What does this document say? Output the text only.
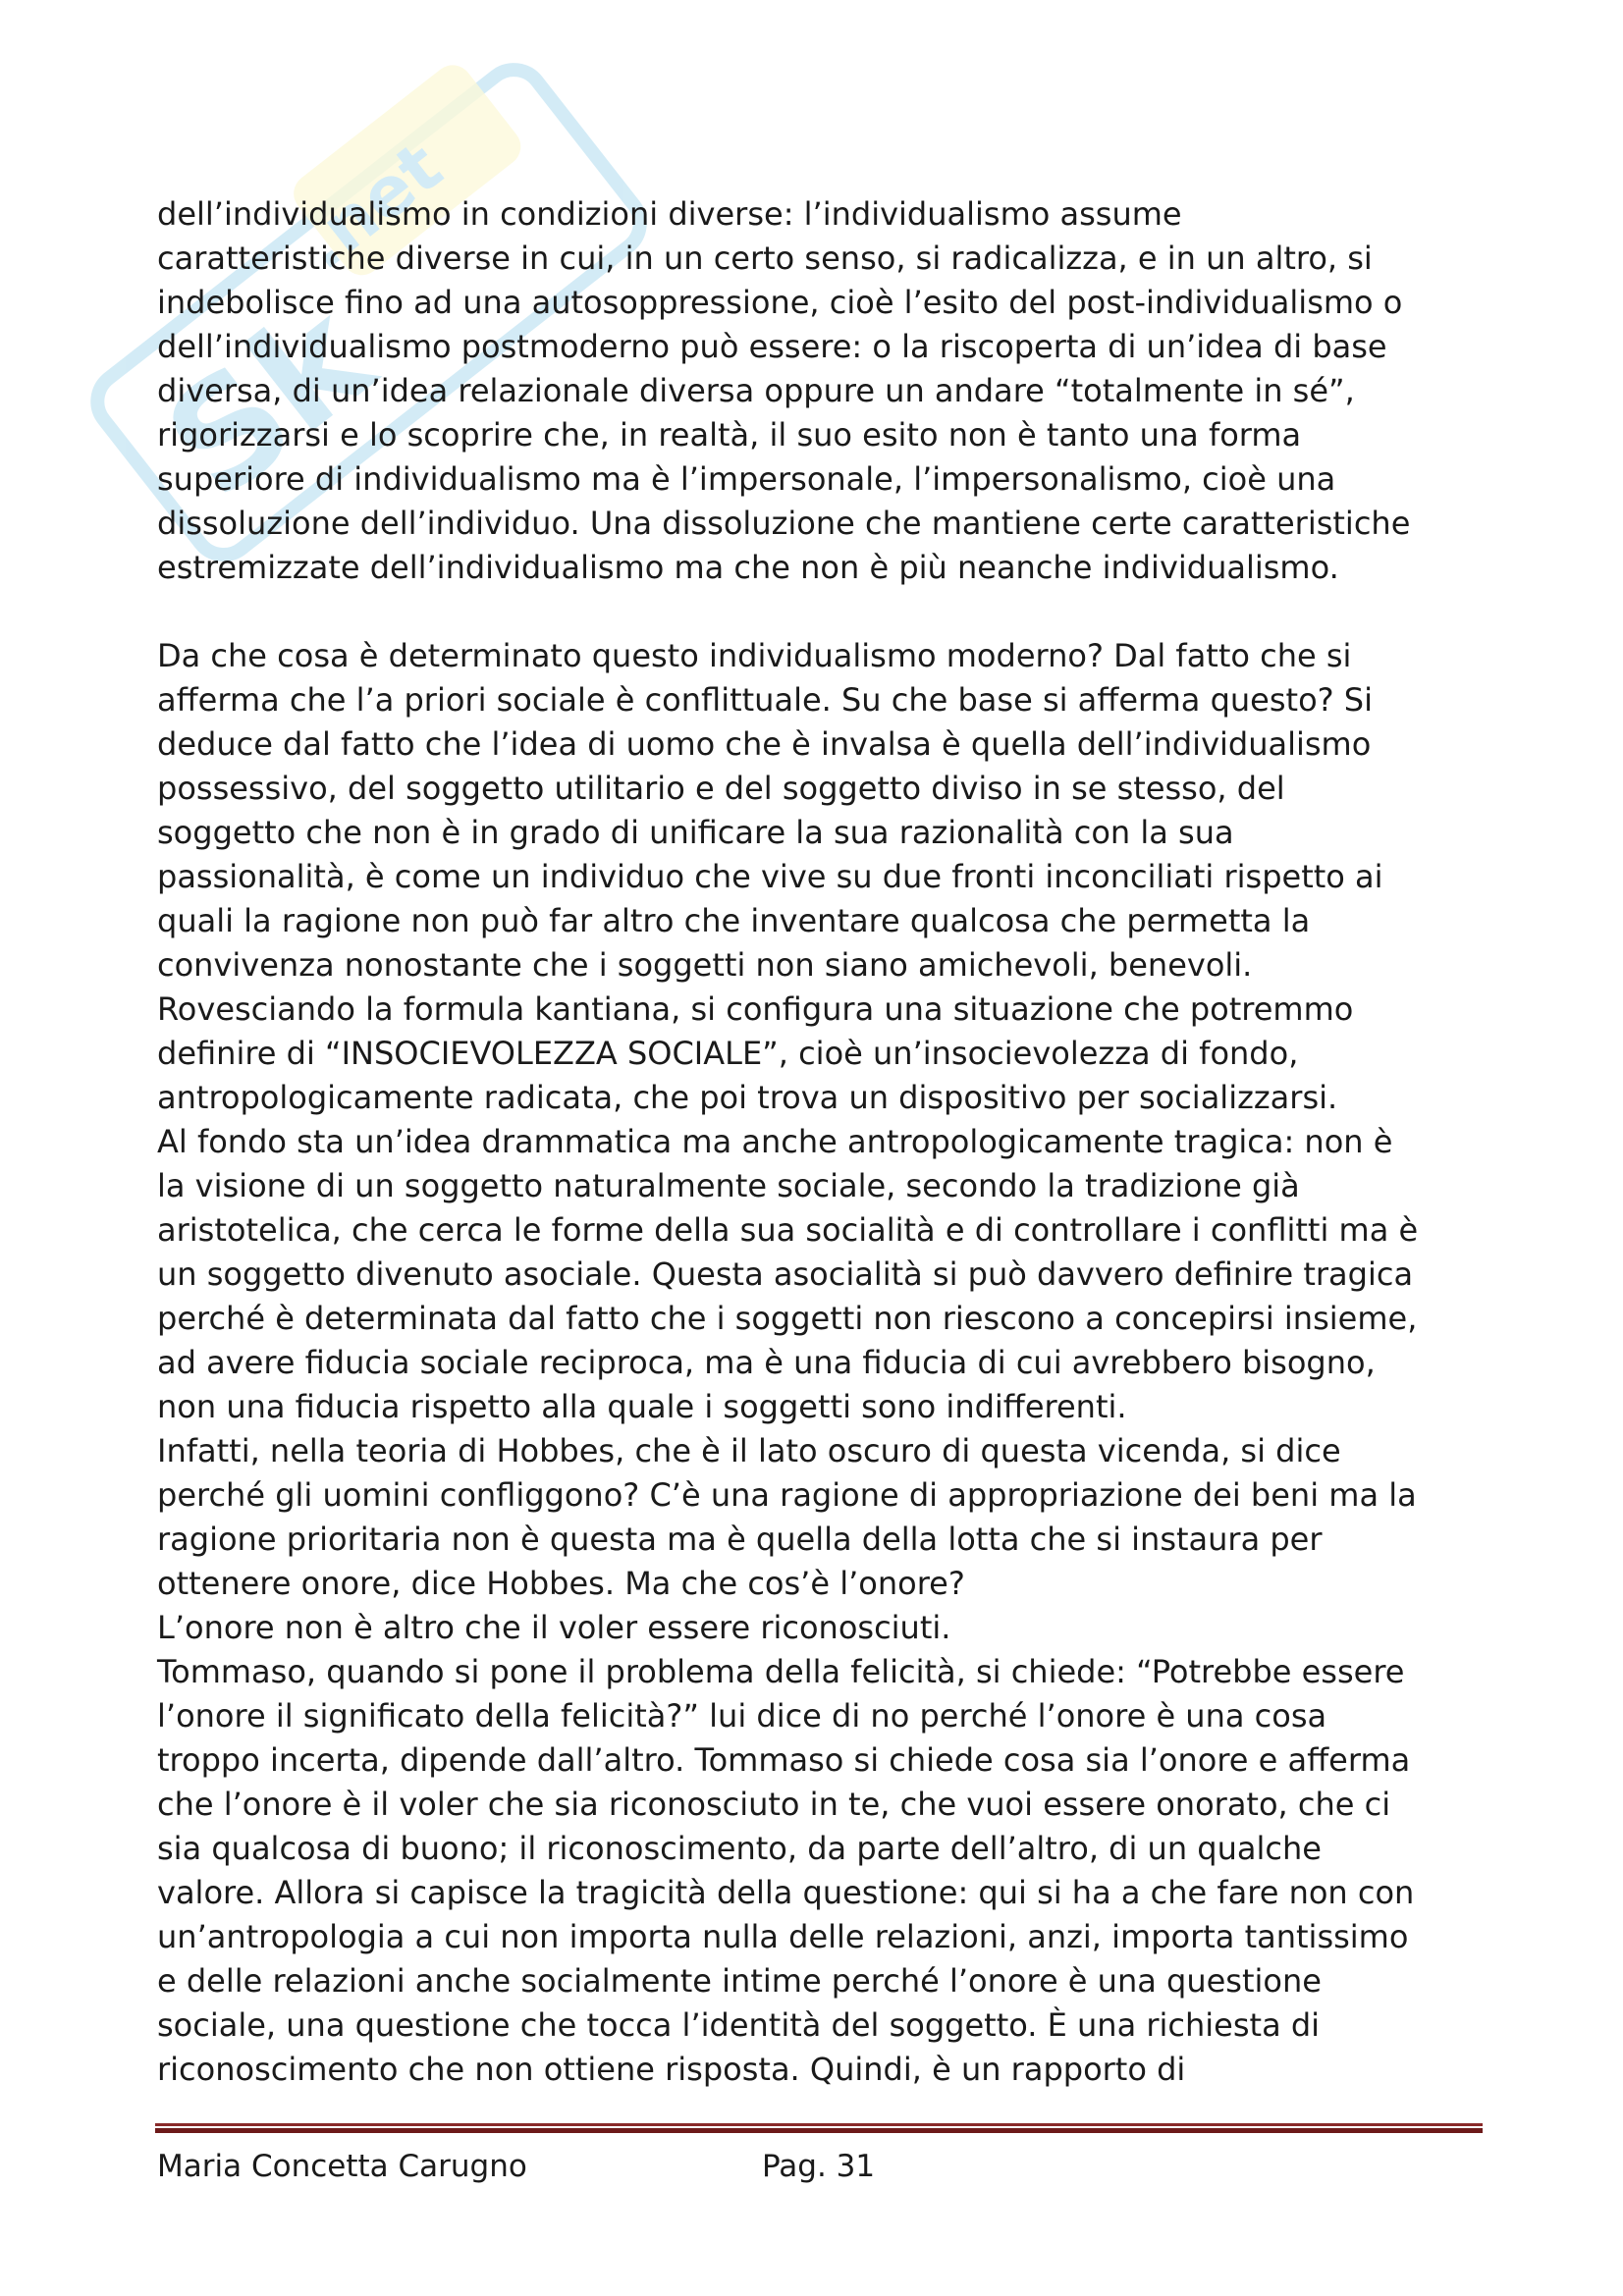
Sk
.net

dell’individualismo in condizioni diverse: l’individualismo assume
caratteristiche diverse in cui, in un certo senso, si radicalizza, e in un altro, si
indebolisce fino ad una autosoppressione, cioè l’esito del post-individualismo o
dell’individualismo postmoderno può essere: o la riscoperta di un’idea di base
diversa, di un’idea relazionale diversa oppure un andare “totalmente in sé”,
rigorizzarsi e lo scoprire che, in realtà, il suo esito non è tanto una forma
superiore di individualismo ma è l’impersonale, l’impersonalismo, cioè una
dissoluzione dell’individuo. Una dissoluzione che mantiene certe caratteristiche
estremizzate dell’individualismo ma che non è più neanche individualismo.

Da che cosa è determinato questo individualismo moderno? Dal fatto che si
afferma che l’a priori sociale è conflittuale. Su che base si afferma questo? Si
deduce dal fatto che l’idea di uomo che è invalsa è quella dell’individualismo
possessivo, del soggetto utilitario e del soggetto diviso in se stesso, del
soggetto che non è in grado di unificare la sua razionalità con la sua
passionalità, è come un individuo che vive su due fronti inconciliati rispetto ai
quali la ragione non può far altro che inventare qualcosa che permetta la
convivenza nonostante che i soggetti non siano amichevoli, benevoli.
Rovesciando la formula kantiana, si configura una situazione che potremmo
definire di “INSOCIEVOLEZZA SOCIALE”, cioè un’insocievolezza di fondo,
antropologicamente radicata, che poi trova un dispositivo per socializzarsi.
Al fondo sta un’idea drammatica ma anche antropologicamente tragica: non è
la visione di un soggetto naturalmente sociale, secondo la tradizione già
aristotelica, che cerca le forme della sua socialità e di controllare i conflitti ma è
un soggetto divenuto asociale. Questa asocialità si può davvero definire tragica
perché è determinata dal fatto che i soggetti non riescono a concepirsi insieme,
ad avere fiducia sociale reciproca, ma è una fiducia di cui avrebbero bisogno,
non una fiducia rispetto alla quale i soggetti sono indifferenti.
Infatti, nella teoria di Hobbes, che è il lato oscuro di questa vicenda, si dice
perché gli uomini confliggono? C’è una ragione di appropriazione dei beni ma la
ragione prioritaria non è questa ma è quella della lotta che si instaura per
ottenere onore, dice Hobbes. Ma che cos’è l’onore?
L’onore non è altro che il voler essere riconosciuti.
Tommaso, quando si pone il problema della felicità, si chiede: “Potrebbe essere
l’onore il significato della felicità?” lui dice di no perché l’onore è una cosa
troppo incerta, dipende dall’altro. Tommaso si chiede cosa sia l’onore e afferma
che l’onore è il voler che sia riconosciuto in te, che vuoi essere onorato, che ci
sia qualcosa di buono; il riconoscimento, da parte dell’altro, di un qualche
valore. Allora si capisce la tragicità della questione: qui si ha a che fare non con
un’antropologia a cui non importa nulla delle relazioni, anzi, importa tantissimo
e delle relazioni anche socialmente intime perché l’onore è una questione
sociale, una questione che tocca l’identità del soggetto. È una richiesta di
riconoscimento che non ottiene risposta. Quindi, è un rapporto di

Maria Concetta Carugno	Pag. 31
